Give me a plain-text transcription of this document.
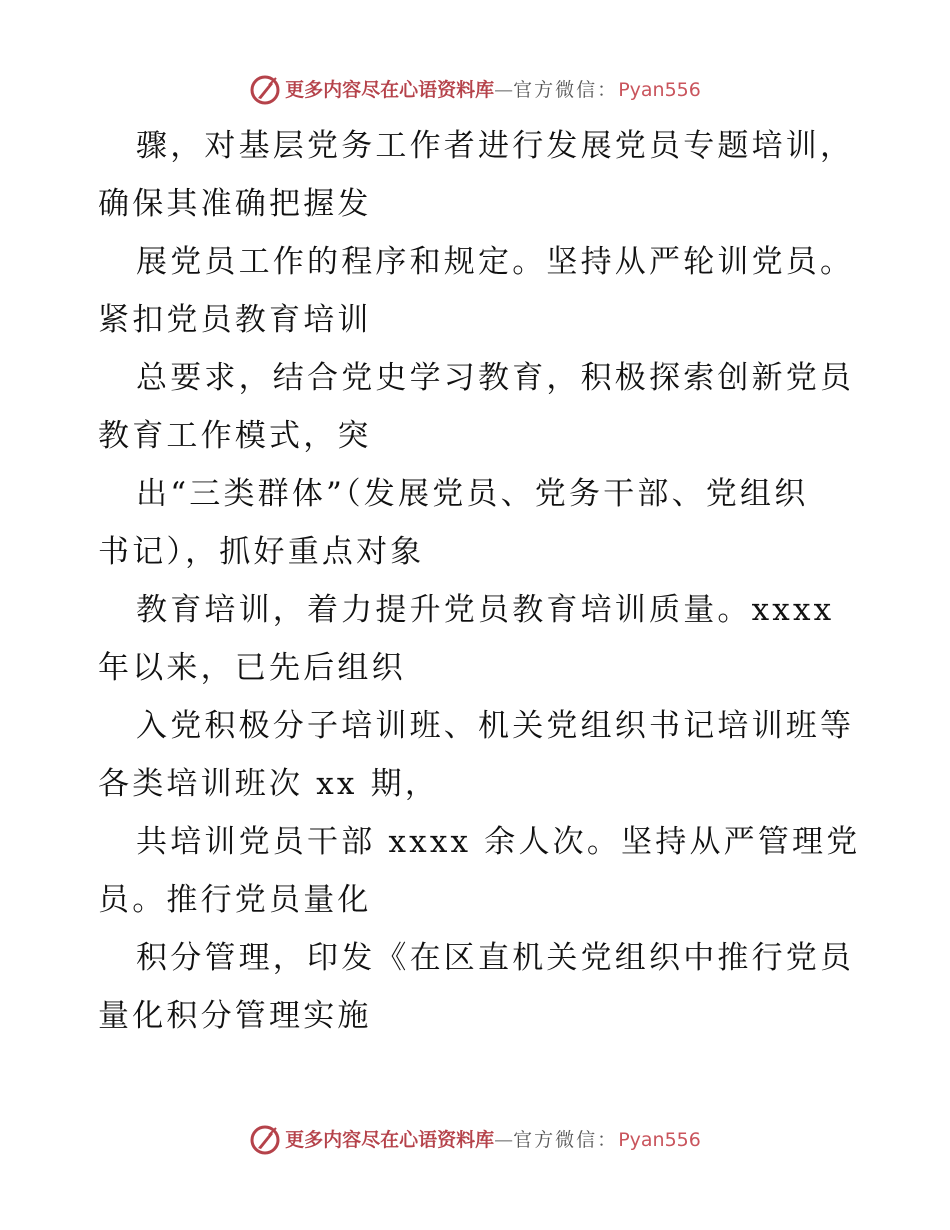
更多内容尽在心语资料库 — 官方微信： Pyan556
骤，对基层党务工作者进行发展党员专题培训，
确保其准确把握发
展党员工作的程序和规定。坚持从严轮训党员。
紧扣党员教育培训
总要求，结合党史学习教育，积极探索创新党员
教育工作模式，突
出“三类群体”（发展党员、党务干部、党组织
书记），抓好重点对象
教育培训，着力提升党员教育培训质量。xxxx
年以来，已先后组织
入党积极分子培训班、机关党组织书记培训班等
各类培训班次 xx 期，
共培训党员干部 xxxx 余人次。坚持从严管理党
员。推行党员量化
积分管理，印发《在区直机关党组织中推行党员
量化积分管理实施
更多内容尽在心语资料库 — 官方微信： Pyan556
